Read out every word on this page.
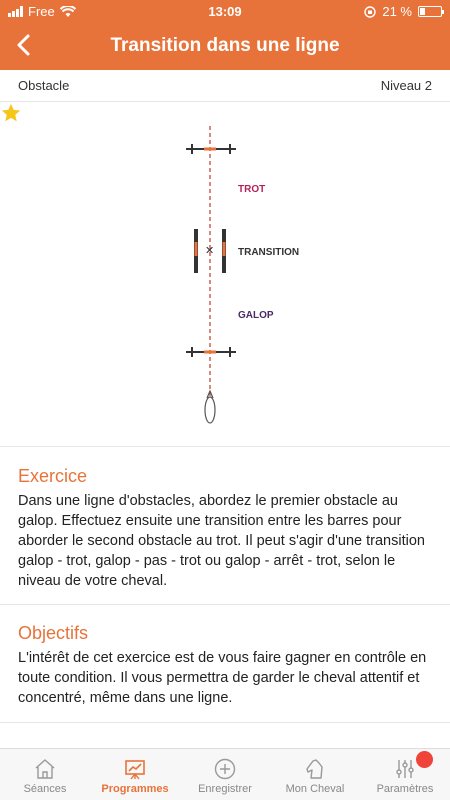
Free	13:09	21 %
Transition dans une ligne
Obstacle	Niveau 2
✕
TROT
TRANSITION
GALOP
Exercice

Dans une ligne d'obstacles, abordez le premier obstacle au galop. Effectuez ensuite une transition entre les barres pour aborder le second obstacle au trot. Il peut s'agir d'une transition galop - trot, galop - pas - trot ou galop - arrêt - trot, selon le niveau de votre cheval.

Objectifs

L'intérêt de cet exercice est de vous faire gagner en contrôle en toute condition. Il vous permettra de garder le cheval attentif et concentré, même dans une ligne.

Séances	Programmes	Enregistrer	Mon Cheval	Paramètres
